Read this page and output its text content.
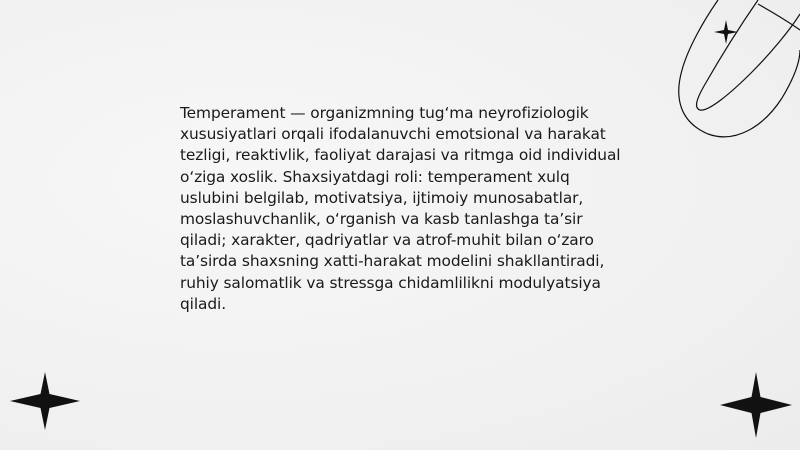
Temperament — organizmning tug‘ma neyrofiziologik xususiyatlari orqali ifodalanuvchi emotsional va harakat tezligi, reaktivlik, faoliyat darajasi va ritmga oid individual o‘ziga xoslik. Shaxsiyatdagi roli: temperament xulq uslubini belgilab, motivatsiya, ijtimoiy munosabatlar, moslashuvchanlik, o‘rganish va kasb tanlashga ta’sir qiladi; xarakter, qadriyatlar va atrof-muhit bilan o‘zaro ta’sirda shaxsning xatti-harakat modelini shakllantiradi, ruhiy salomatlik va stressga chidamlilikni modulyatsiya qiladi.
